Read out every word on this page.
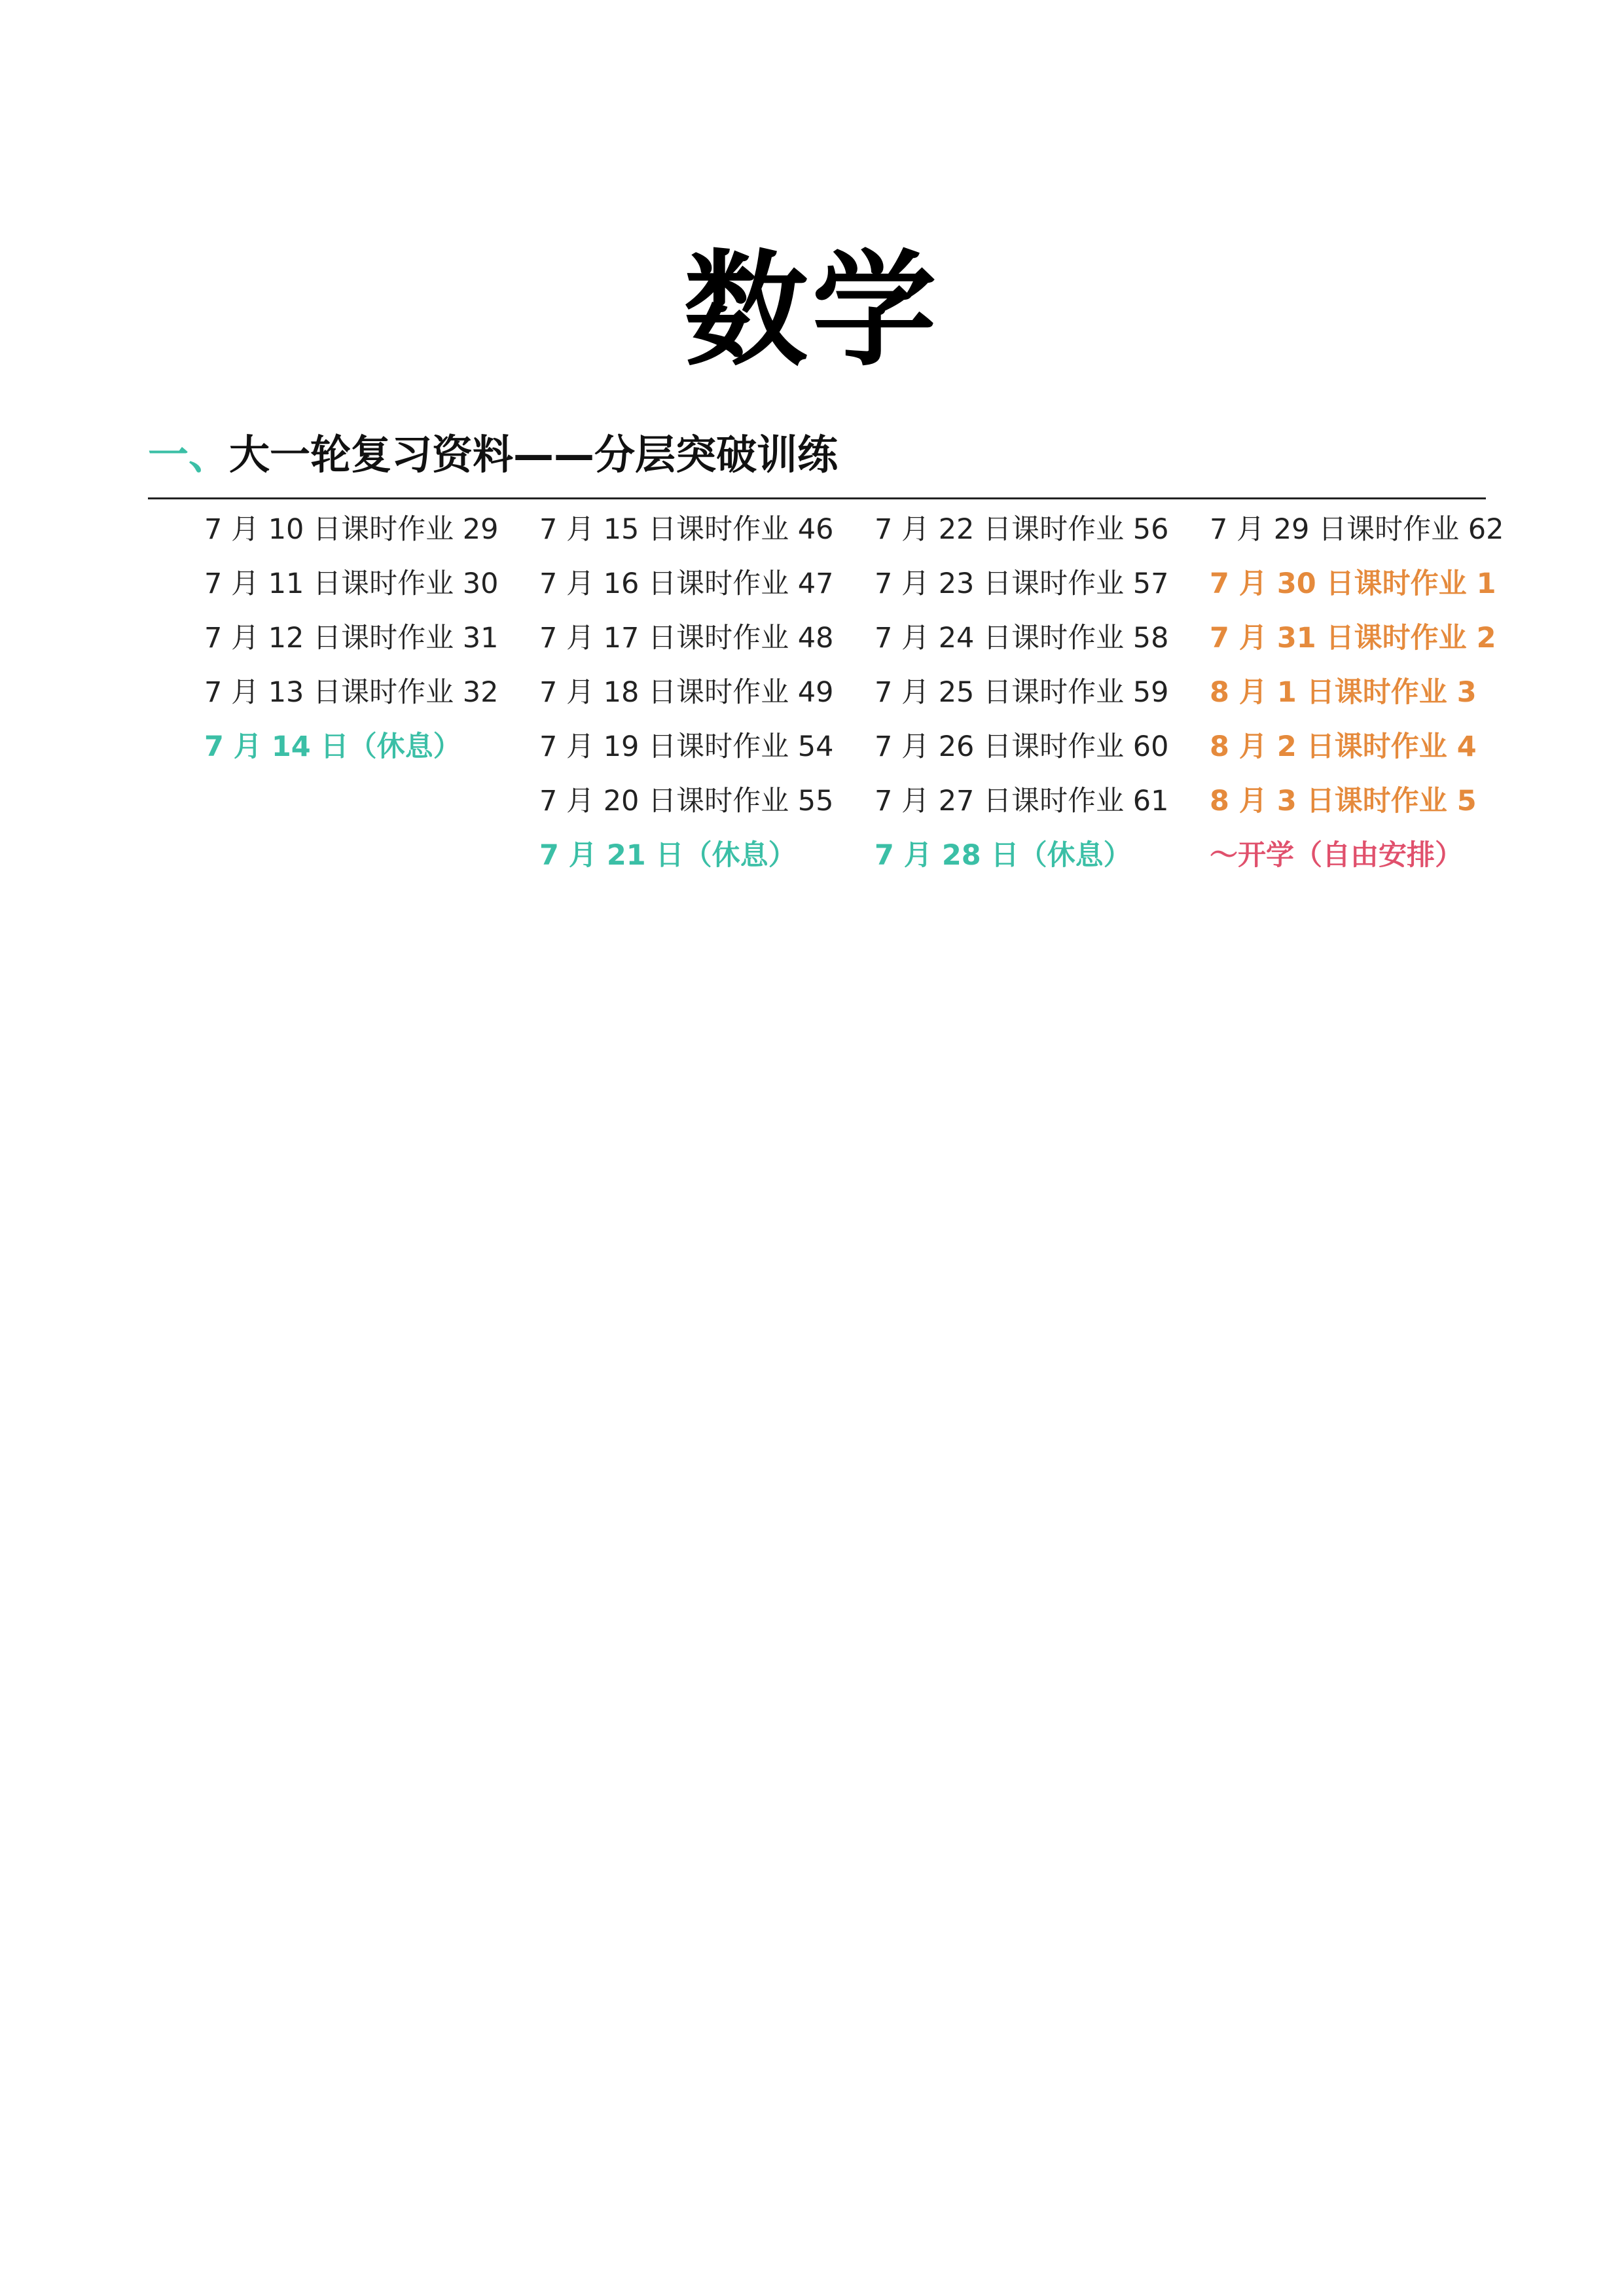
数学
一、大一轮复习资料——分层突破训练
7 月 10 日课时作业 29
7 月 11 日课时作业 30
7 月 12 日课时作业 31
7 月 13 日课时作业 32
7 月 14 日（休息）
7 月 15 日课时作业 46
7 月 16 日课时作业 47
7 月 17 日课时作业 48
7 月 18 日课时作业 49
7 月 19 日课时作业 54
7 月 20 日课时作业 55
7 月 21 日（休息）
7 月 22 日课时作业 56
7 月 23 日课时作业 57
7 月 24 日课时作业 58
7 月 25 日课时作业 59
7 月 26 日课时作业 60
7 月 27 日课时作业 61
7 月 28 日（休息）
7 月 29 日课时作业 62
7 月 30 日课时作业 1
7 月 31 日课时作业 2
8 月 1 日课时作业 3
8 月 2 日课时作业 4
8 月 3 日课时作业 5
～开学（自由安排）
